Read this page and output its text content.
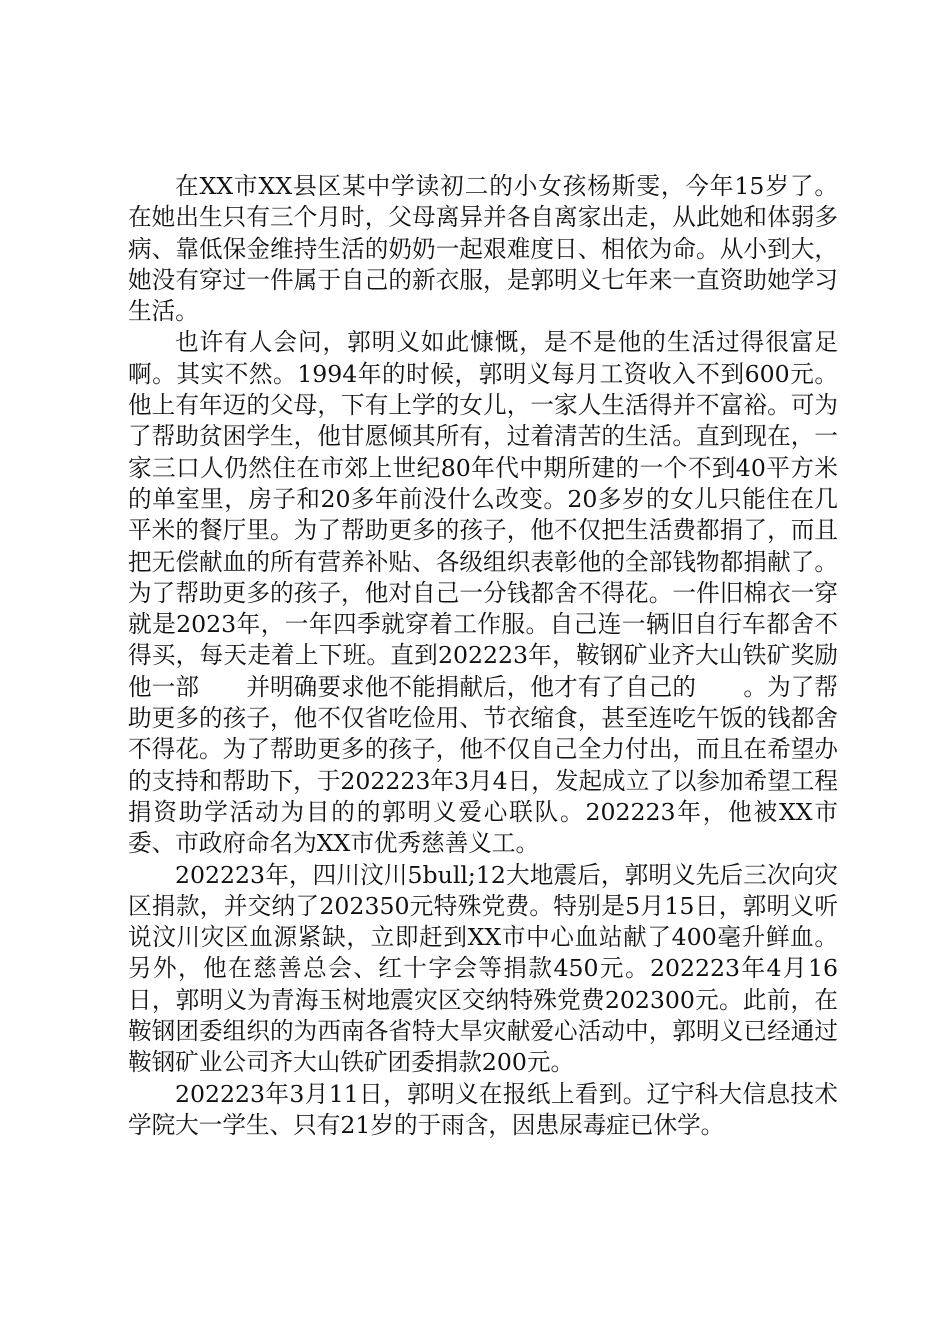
在XX市XX县区某中学读初二的小女孩杨斯雯，今年15岁了。在她出生只有三个月时，父母离异并各自离家出走，从此她和体弱多病、靠低保金维持生活的奶奶一起艰难度日、相依为命。从小到大，她没有穿过一件属于自己的新衣服，是郭明义七年来一直资助她学习生活。

也许有人会问，郭明义如此慷慨，是不是他的生活过得很富足啊。其实不然。1994年的时候，郭明义每月工资收入不到600元。他上有年迈的父母，下有上学的女儿，一家人生活得并不富裕。可为了帮助贫困学生，他甘愿倾其所有，过着清苦的生活。直到现在，一家三口人仍然住在市郊上世纪80年代中期所建的一个不到40平方米的单室里，房子和20多年前没什么改变。20多岁的女儿只能住在几平米的餐厅里。为了帮助更多的孩子，他不仅把生活费都捐了，而且把无偿献血的所有营养补贴、各级组织表彰他的全部钱物都捐献了。为了帮助更多的孩子，他对自己一分钱都舍不得花。一件旧棉衣一穿就是2023年，一年四季就穿着工作服。自己连一辆旧自行车都舍不得买，每天走着上下班。直到202223年，鞍钢矿业齐大山铁矿奖励他一部　　并明确要求他不能捐献后，他才有了自己的　　。为了帮助更多的孩子，他不仅省吃俭用、节衣缩食，甚至连吃午饭的钱都舍不得花。为了帮助更多的孩子，他不仅自己全力付出，而且在希望办的支持和帮助下，于202223年3月4日，发起成立了以参加希望工程捐资助学活动为目的的郭明义爱心联队。202223年，他被XX市委、市政府命名为XX市优秀慈善义工。

202223年，四川汶川5bull;12大地震后，郭明义先后三次向灾区捐款，并交纳了202350元特殊党费。特别是5月15日，郭明义听说汶川灾区血源紧缺，立即赶到XX市中心血站献了400毫升鲜血。另外，他在慈善总会、红十字会等捐款450元。202223年4月16日，郭明义为青海玉树地震灾区交纳特殊党费202300元。此前，在鞍钢团委组织的为西南各省特大旱灾献爱心活动中，郭明义已经通过鞍钢矿业公司齐大山铁矿团委捐款200元。

202223年3月11日，郭明义在报纸上看到。辽宁科大信息技术学院大一学生、只有21岁的于雨含，因患尿毒症已休学。
